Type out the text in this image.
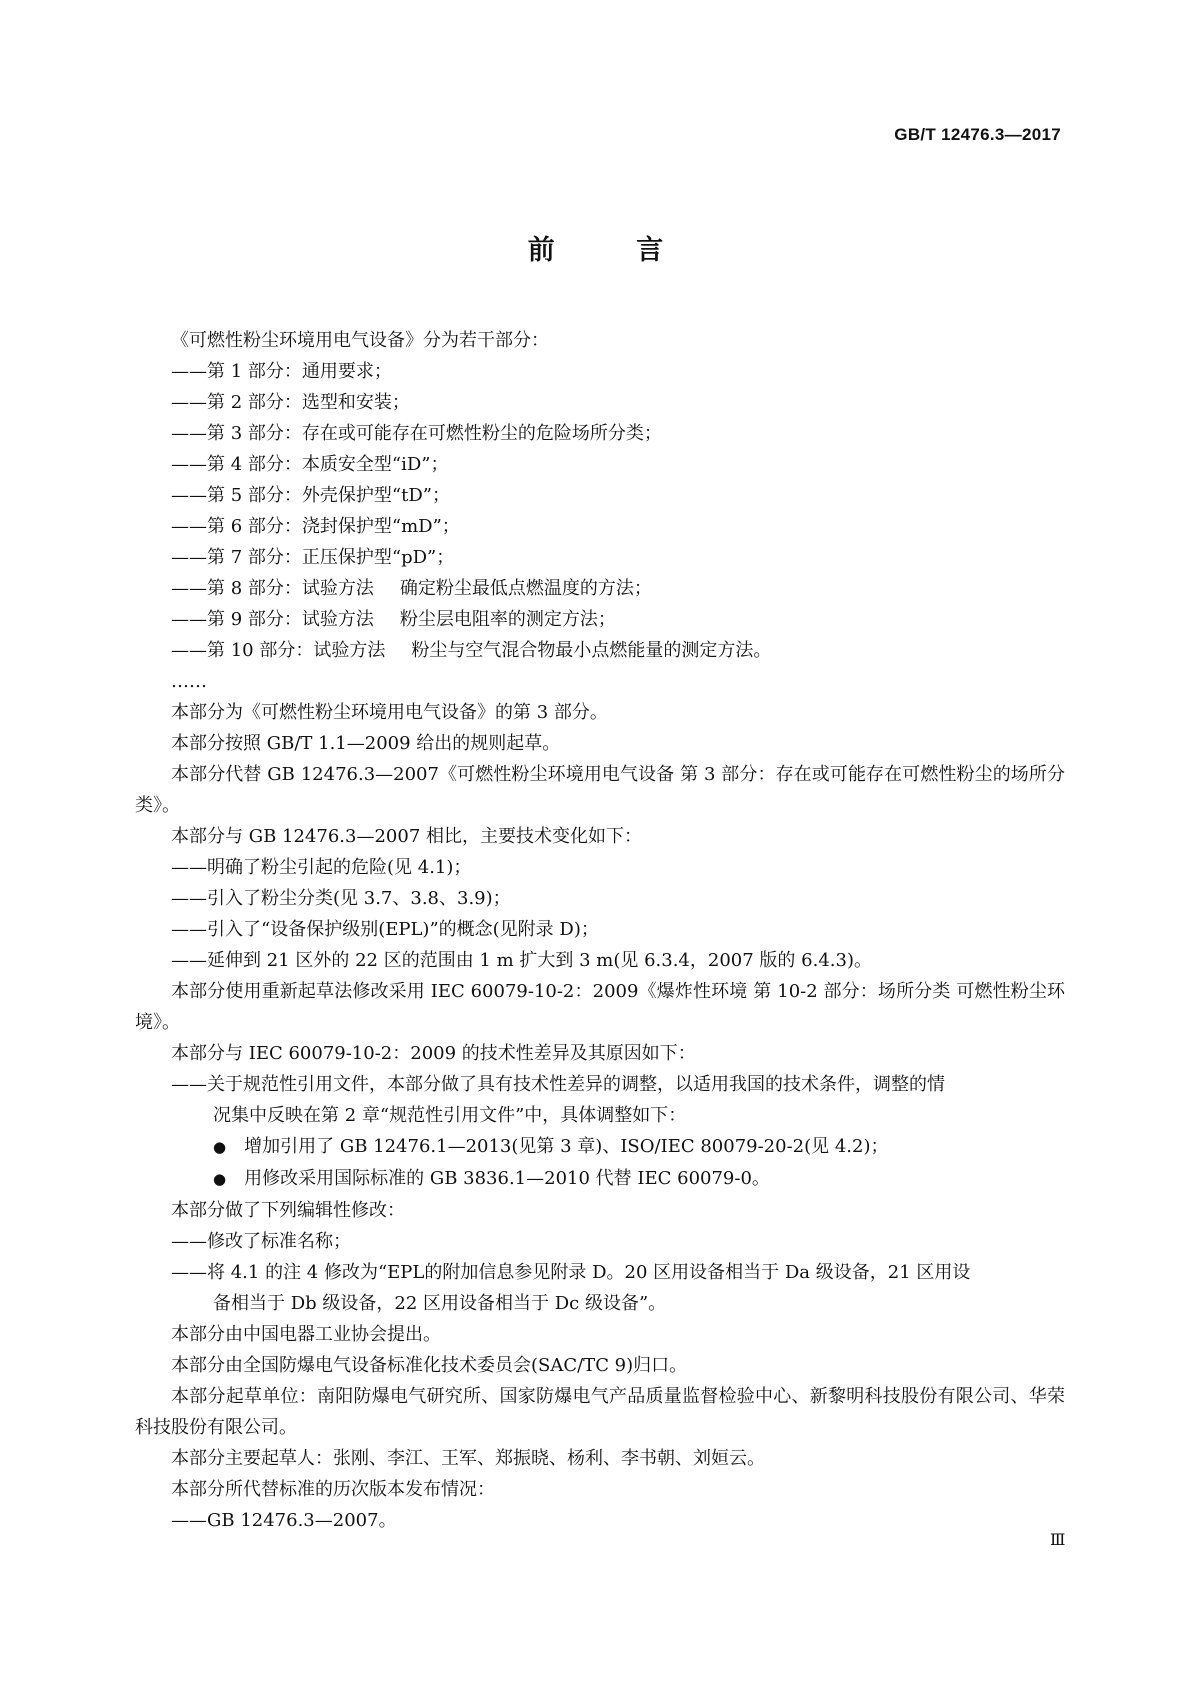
GB/T 12476.3—2017
前 言
《可燃性粉尘环境用电气设备》分为若干部分：
——第 1 部分：通用要求；
——第 2 部分：选型和安装；
——第 3 部分：存在或可能存在可燃性粉尘的危险场所分类；
——第 4 部分：本质安全型“iD”；
——第 5 部分：外壳保护型“tD”；
——第 6 部分：浇封保护型“mD”；
——第 7 部分：正压保护型“pD”；
——第 8 部分：试验方法 确定粉尘最低点燃温度的方法；
——第 9 部分：试验方法 粉尘层电阻率的测定方法；
——第 10 部分：试验方法 粉尘与空气混合物最小点燃能量的测定方法。
……
本部分为《可燃性粉尘环境用电气设备》的第 3 部分。
本部分按照 GB/T 1.1—2009 给出的规则起草。
本部分代替 GB 12476.3—2007《可燃性粉尘环境用电气设备 第 3 部分：存在或可能存在可燃性粉尘的场所分类》。
本部分与 GB 12476.3—2007 相比，主要技术变化如下：
——明确了粉尘引起的危险(见 4.1)；
——引入了粉尘分类(见 3.7、3.8、3.9)；
——引入了“设备保护级别(EPL)”的概念(见附录 D)；
——延伸到 21 区外的 22 区的范围由 1 m 扩大到 3 m(见 6.3.4，2007 版的 6.4.3)。
本部分使用重新起草法修改采用 IEC 60079-10-2：2009《爆炸性环境 第 10-2 部分：场所分类 可燃性粉尘环境》。
本部分与 IEC 60079-10-2：2009 的技术性差异及其原因如下：
——关于规范性引用文件，本部分做了具有技术性差异的调整，以适用我国的技术条件，调整的情
况集中反映在第 2 章“规范性引用文件”中，具体调整如下：
● 增加引用了 GB 12476.1—2013(见第 3 章)、ISO/IEC 80079-20-2(见 4.2)；
● 用修改采用国际标准的 GB 3836.1—2010 代替 IEC 60079-0。
本部分做了下列编辑性修改：
——修改了标准名称；
——将 4.1 的注 4 修改为“EPL的附加信息参见附录 D。20 区用设备相当于 Da 级设备，21 区用设
备相当于 Db 级设备，22 区用设备相当于 Dc 级设备”。
本部分由中国电器工业协会提出。
本部分由全国防爆电气设备标准化技术委员会(SAC/TC 9)归口。
本部分起草单位：南阳防爆电气研究所、国家防爆电气产品质量监督检验中心、新黎明科技股份有限公司、华荣科技股份有限公司。
本部分主要起草人：张刚、李江、王军、郑振晓、杨利、李书朝、刘姮云。
本部分所代替标准的历次版本发布情况：
——GB 12476.3—2007。
Ⅲ
